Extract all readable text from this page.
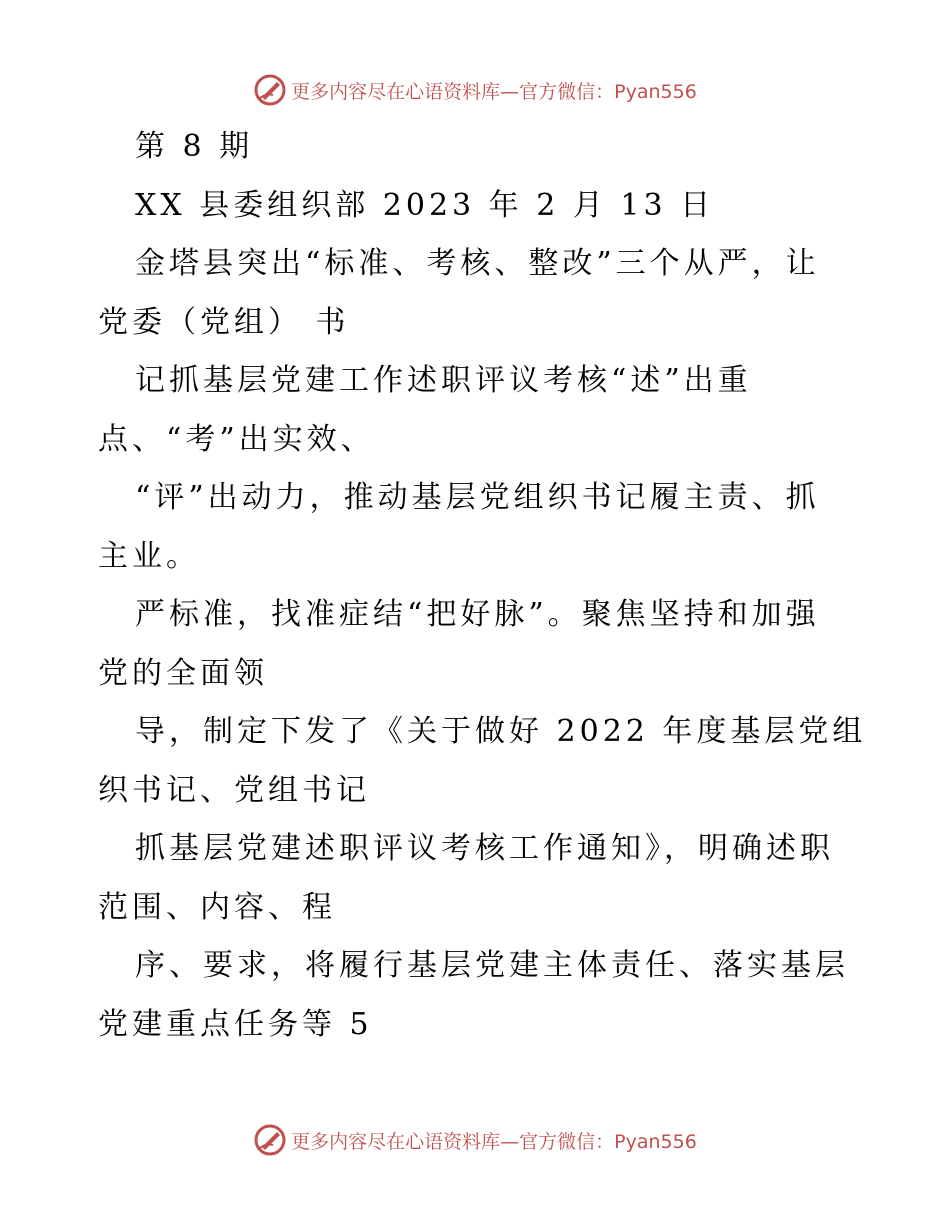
更多内容尽在心语资料库—官方微信：Pyan556
第 8 期
XX 县委组织部 2023 年 2 月 13 日
金塔县突出“标准、考核、整改”三个从严，让
党委（党组） 书
记抓基层党建工作述职评议考核“述”出重
点、“考”出实效、
“评”出动力，推动基层党组织书记履主责、抓
主业。
严标准，找准症结“把好脉”。聚焦坚持和加强
党的全面领
导，制定下发了《关于做好 2022 年度基层党组
织书记、党组书记
抓基层党建述职评议考核工作通知》，明确述职
范围、内容、程
序、要求，将履行基层党建主体责任、落实基层
党建重点任务等 5
更多内容尽在心语资料库—官方微信：Pyan556
